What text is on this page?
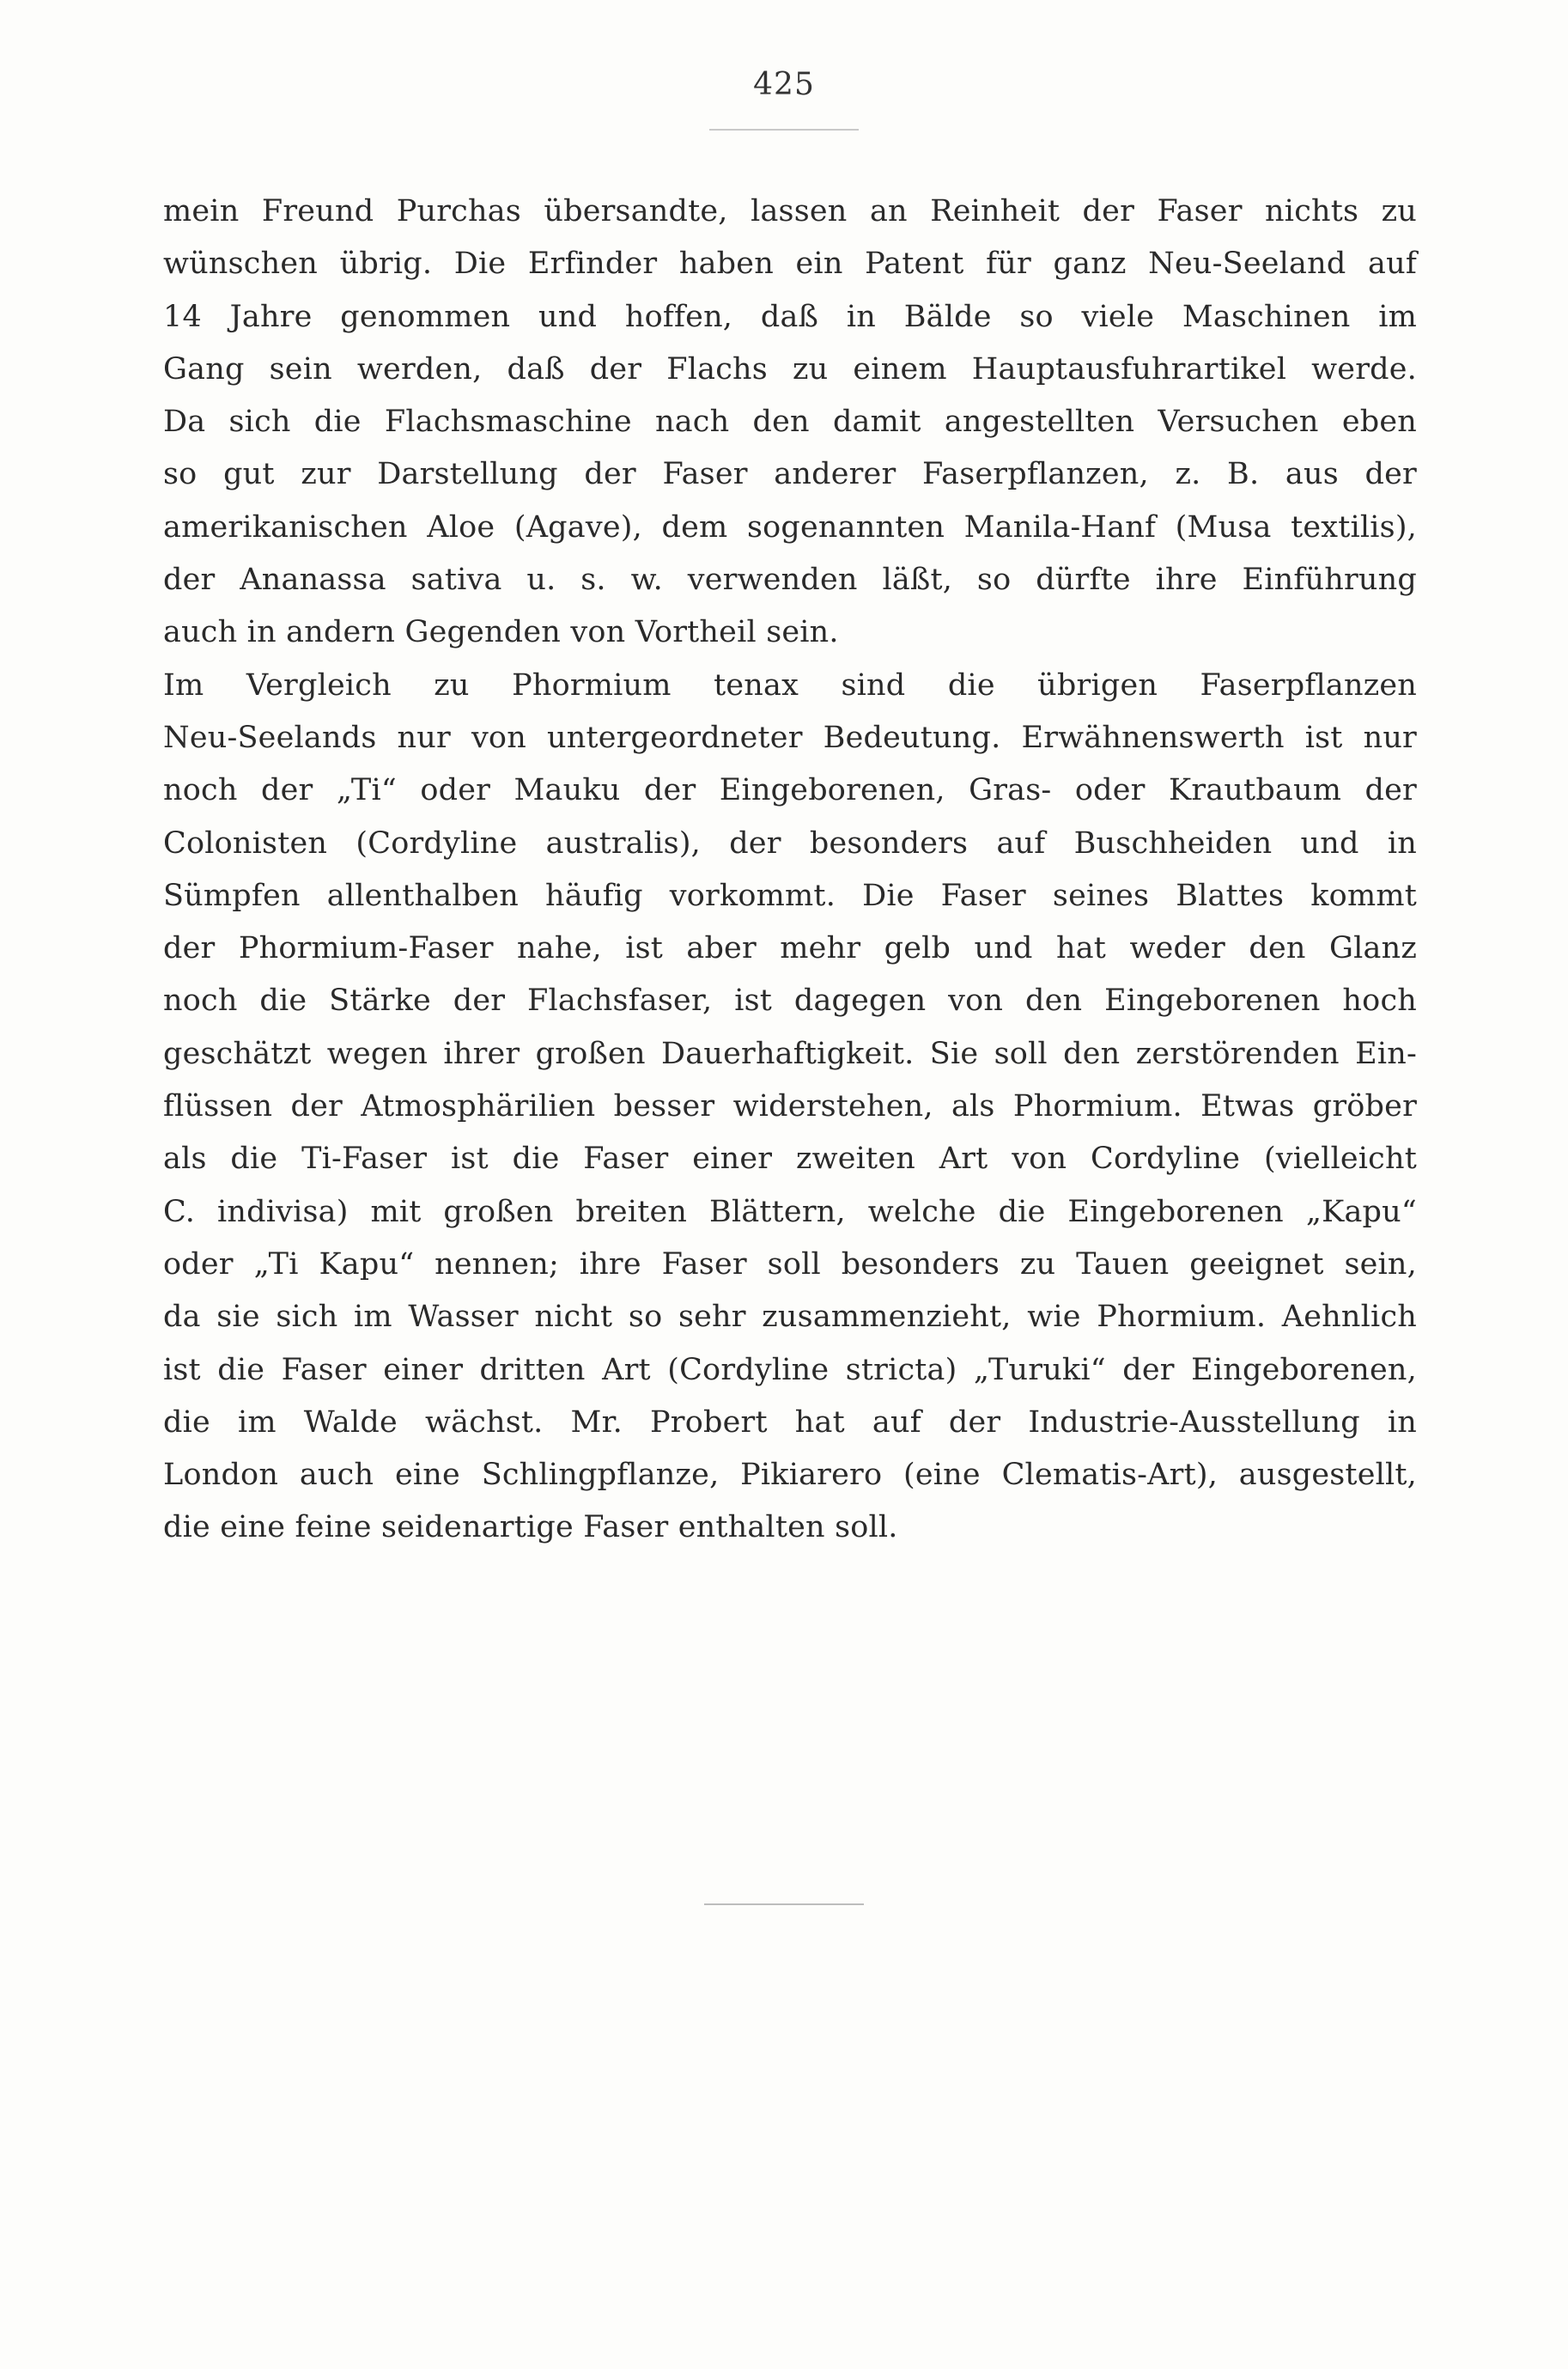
425
mein Freund Purchas übersandte, lassen an Reinheit der Faser nichts zu
wünschen übrig. Die Erfinder haben ein Patent für ganz Neu-Seeland auf
14 Jahre genommen und hoffen, daß in Bälde so viele Maschinen im
Gang sein werden, daß der Flachs zu einem Hauptausfuhrartikel werde.
Da sich die Flachsmaschine nach den damit angestellten Versuchen eben
so gut zur Darstellung der Faser anderer Faserpflanzen, z. B. aus der
amerikanischen Aloe (Agave), dem sogenannten Manila-Hanf (Musa textilis),
der Ananassa sativa u. s. w. verwenden läßt, so dürfte ihre Einführung
auch in andern Gegenden von Vortheil sein.
Im Vergleich zu Phormium tenax sind die übrigen Faserpflanzen
Neu-Seelands nur von untergeordneter Bedeutung. Erwähnenswerth ist nur
noch der „Ti“ oder Mauku der Eingeborenen, Gras- oder Krautbaum der
Colonisten (Cordyline australis), der besonders auf Buschheiden und in
Sümpfen allenthalben häufig vorkommt. Die Faser seines Blattes kommt
der Phormium-Faser nahe, ist aber mehr gelb und hat weder den Glanz
noch die Stärke der Flachsfaser, ist dagegen von den Eingeborenen hoch
geschätzt wegen ihrer großen Dauerhaftigkeit. Sie soll den zerstörenden Ein-
flüssen der Atmosphärilien besser widerstehen, als Phormium. Etwas gröber
als die Ti-Faser ist die Faser einer zweiten Art von Cordyline (vielleicht
C. indivisa) mit großen breiten Blättern, welche die Eingeborenen „Kapu“
oder „Ti Kapu“ nennen; ihre Faser soll besonders zu Tauen geeignet sein,
da sie sich im Wasser nicht so sehr zusammenzieht, wie Phormium. Aehnlich
ist die Faser einer dritten Art (Cordyline stricta) „Turuki“ der Eingeborenen,
die im Walde wächst. Mr. Probert hat auf der Industrie-Ausstellung in
London auch eine Schlingpflanze, Pikiarero (eine Clematis-Art), ausgestellt,
die eine feine seidenartige Faser enthalten soll.
